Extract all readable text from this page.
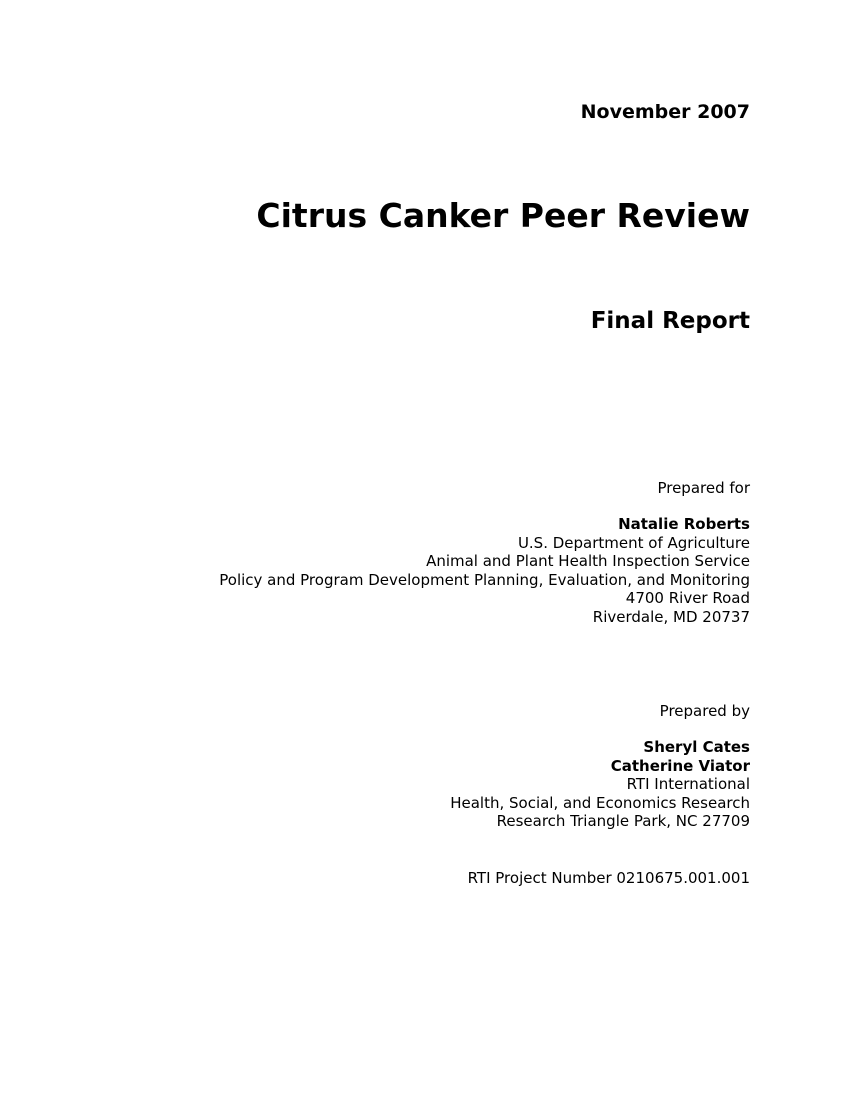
November 2007
Citrus Canker Peer Review
Final Report
Prepared for
Natalie Roberts
U.S. Department of Agriculture
Animal and Plant Health Inspection Service
Policy and Program Development Planning, Evaluation, and Monitoring
4700 River Road
Riverdale, MD 20737
Prepared by
Sheryl Cates
Catherine Viator
RTI International
Health, Social, and Economics Research
Research Triangle Park, NC 27709
RTI Project Number 0210675.001.001
